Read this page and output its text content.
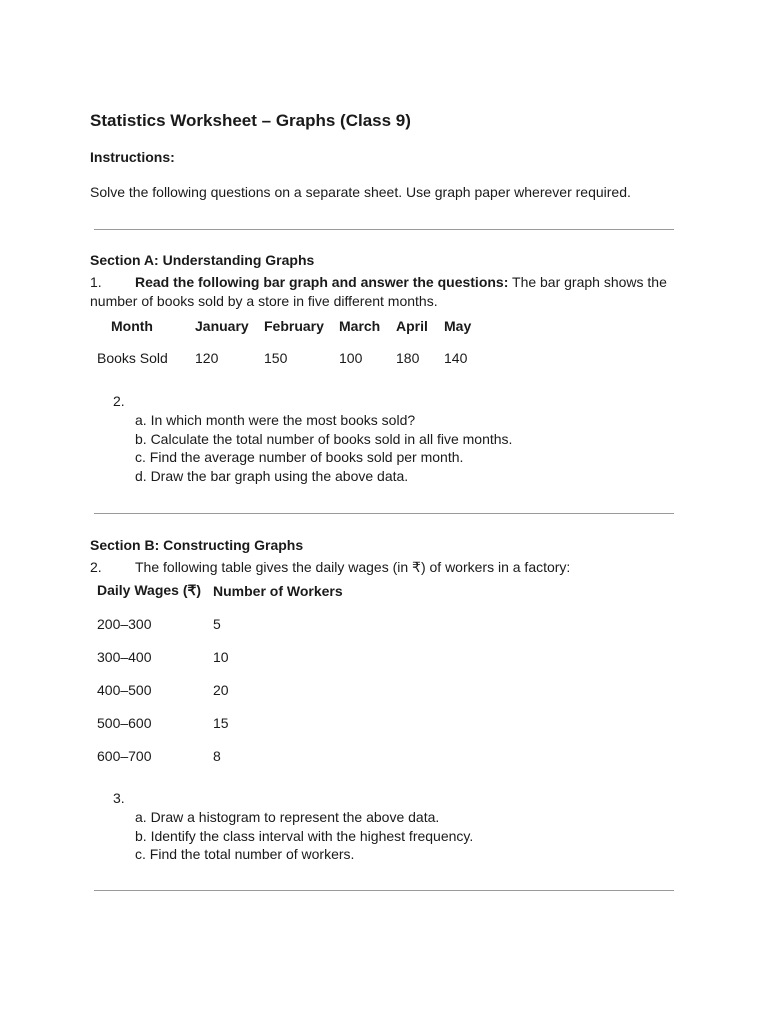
Statistics Worksheet – Graphs (Class 9)
Instructions:
Solve the following questions on a separate sheet. Use graph paper wherever required.
Section A: Understanding Graphs
1. Read the following bar graph and answer the questions: The bar graph shows the
number of books sold by a store in five different months.
Month	January	February	March	April	May
Books Sold	120	150	100	180	140
2.
a. In which month were the most books sold?
b. Calculate the total number of books sold in all five months.
c. Find the average number of books sold per month.
d. Draw the bar graph using the above data.
Section B: Constructing Graphs
2. The following table gives the daily wages (in ₹) of workers in a factory:
Daily Wages (₹)	Number of Workers
200–300	5
300–400	10
400–500	20
500–600	15
600–700	8
3.
a. Draw a histogram to represent the above data.
b. Identify the class interval with the highest frequency.
c. Find the total number of workers.
